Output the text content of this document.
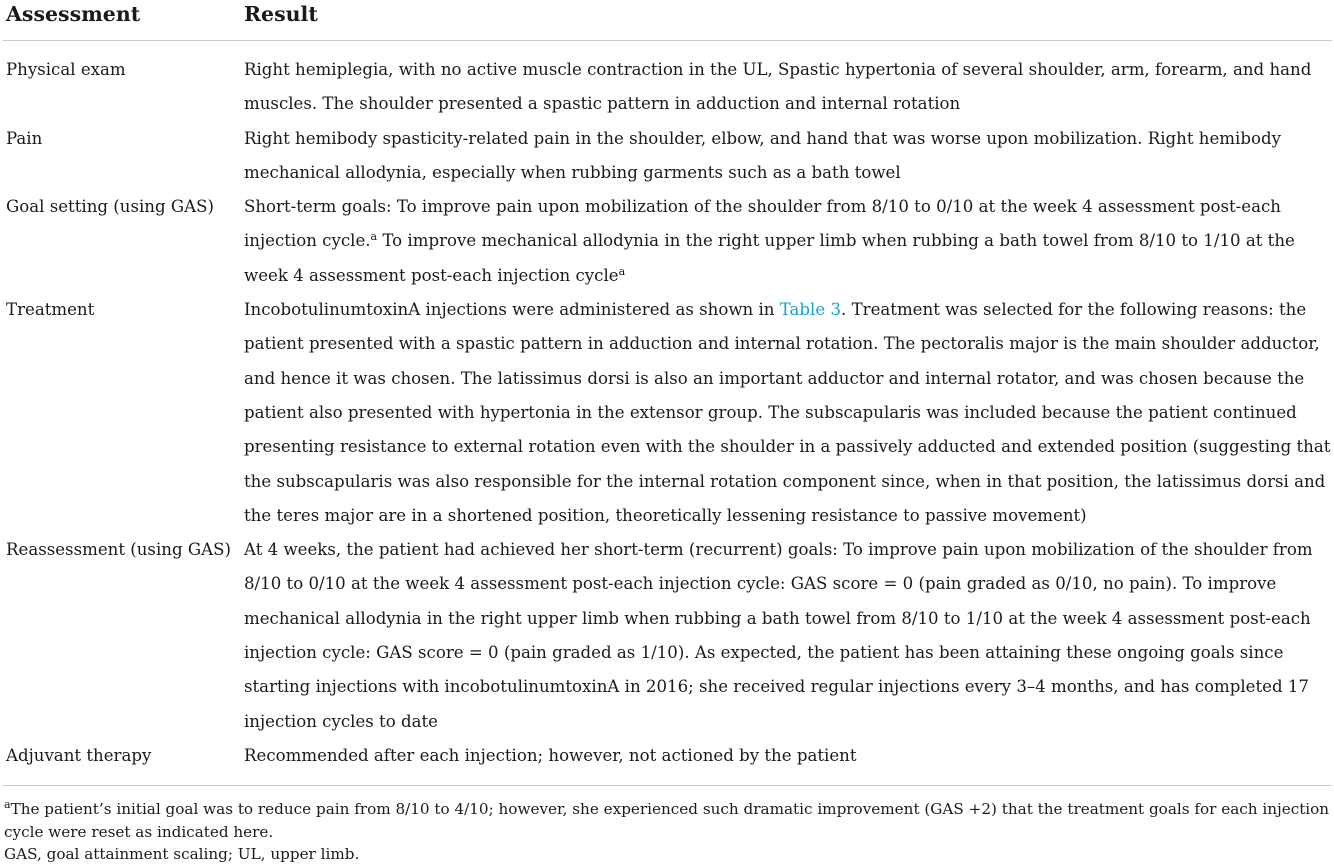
Assessment	Result
Physical exam	Right hemiplegia, with no active muscle contraction in the UL, Spastic hypertonia of several shoulder, arm, forearm, and hand muscles. The shoulder presented a spastic pattern in adduction and internal rotation
Pain	Right hemibody spasticity-related pain in the shoulder, elbow, and hand that was worse upon mobilization. Right hemibody mechanical allodynia, especially when rubbing garments such as a bath towel
Goal setting (using GAS)	Short-term goals: To improve pain upon mobilization of the shoulder from 8/10 to 0/10 at the week 4 assessment post-each injection cycle.$^a$ To improve mechanical allodynia in the right upper limb when rubbing a bath towel from 8/10 to 1/10 at the week 4 assessment post-each injection cycle$^a$
Treatment	IncobotulinumtoxinA injections were administered as shown in Table 3. Treatment was selected for the following reasons: the patient presented with a spastic pattern in adduction and internal rotation. The pectoralis major is the main shoulder adductor, and hence it was chosen. The latissimus dorsi is also an important adductor and internal rotator, and was chosen because the patient also presented with hypertonia in the extensor group. The subscapularis was included because the patient continued presenting resistance to external rotation even with the shoulder in a passively adducted and extended position (suggesting that the subscapularis was also responsible for the internal rotation component since, when in that position, the latissimus dorsi and the teres major are in a shortened position, theoretically lessening resistance to passive movement)
Reassessment (using GAS)	At 4 weeks, the patient had achieved her short-term (recurrent) goals: To improve pain upon mobilization of the shoulder from 8/10 to 0/10 at the week 4 assessment post-each injection cycle: GAS score = 0 (pain graded as 0/10, no pain). To improve mechanical allodynia in the right upper limb when rubbing a bath towel from 8/10 to 1/10 at the week 4 assessment post-each injection cycle: GAS score = 0 (pain graded as 1/10). As expected, the patient has been attaining these ongoing goals since starting injections with incobotulinumtoxinA in 2016; she received regular injections every 3–4 months, and has completed 17 injection cycles to date
Adjuvant therapy	Recommended after each injection; however, not actioned by the patient
$^a$The patient’s initial goal was to reduce pain from 8/10 to 4/10; however, she experienced such dramatic improvement (GAS +2) that the treatment goals for each injection cycle were reset as indicated here.
GAS, goal attainment scaling; UL, upper limb.
